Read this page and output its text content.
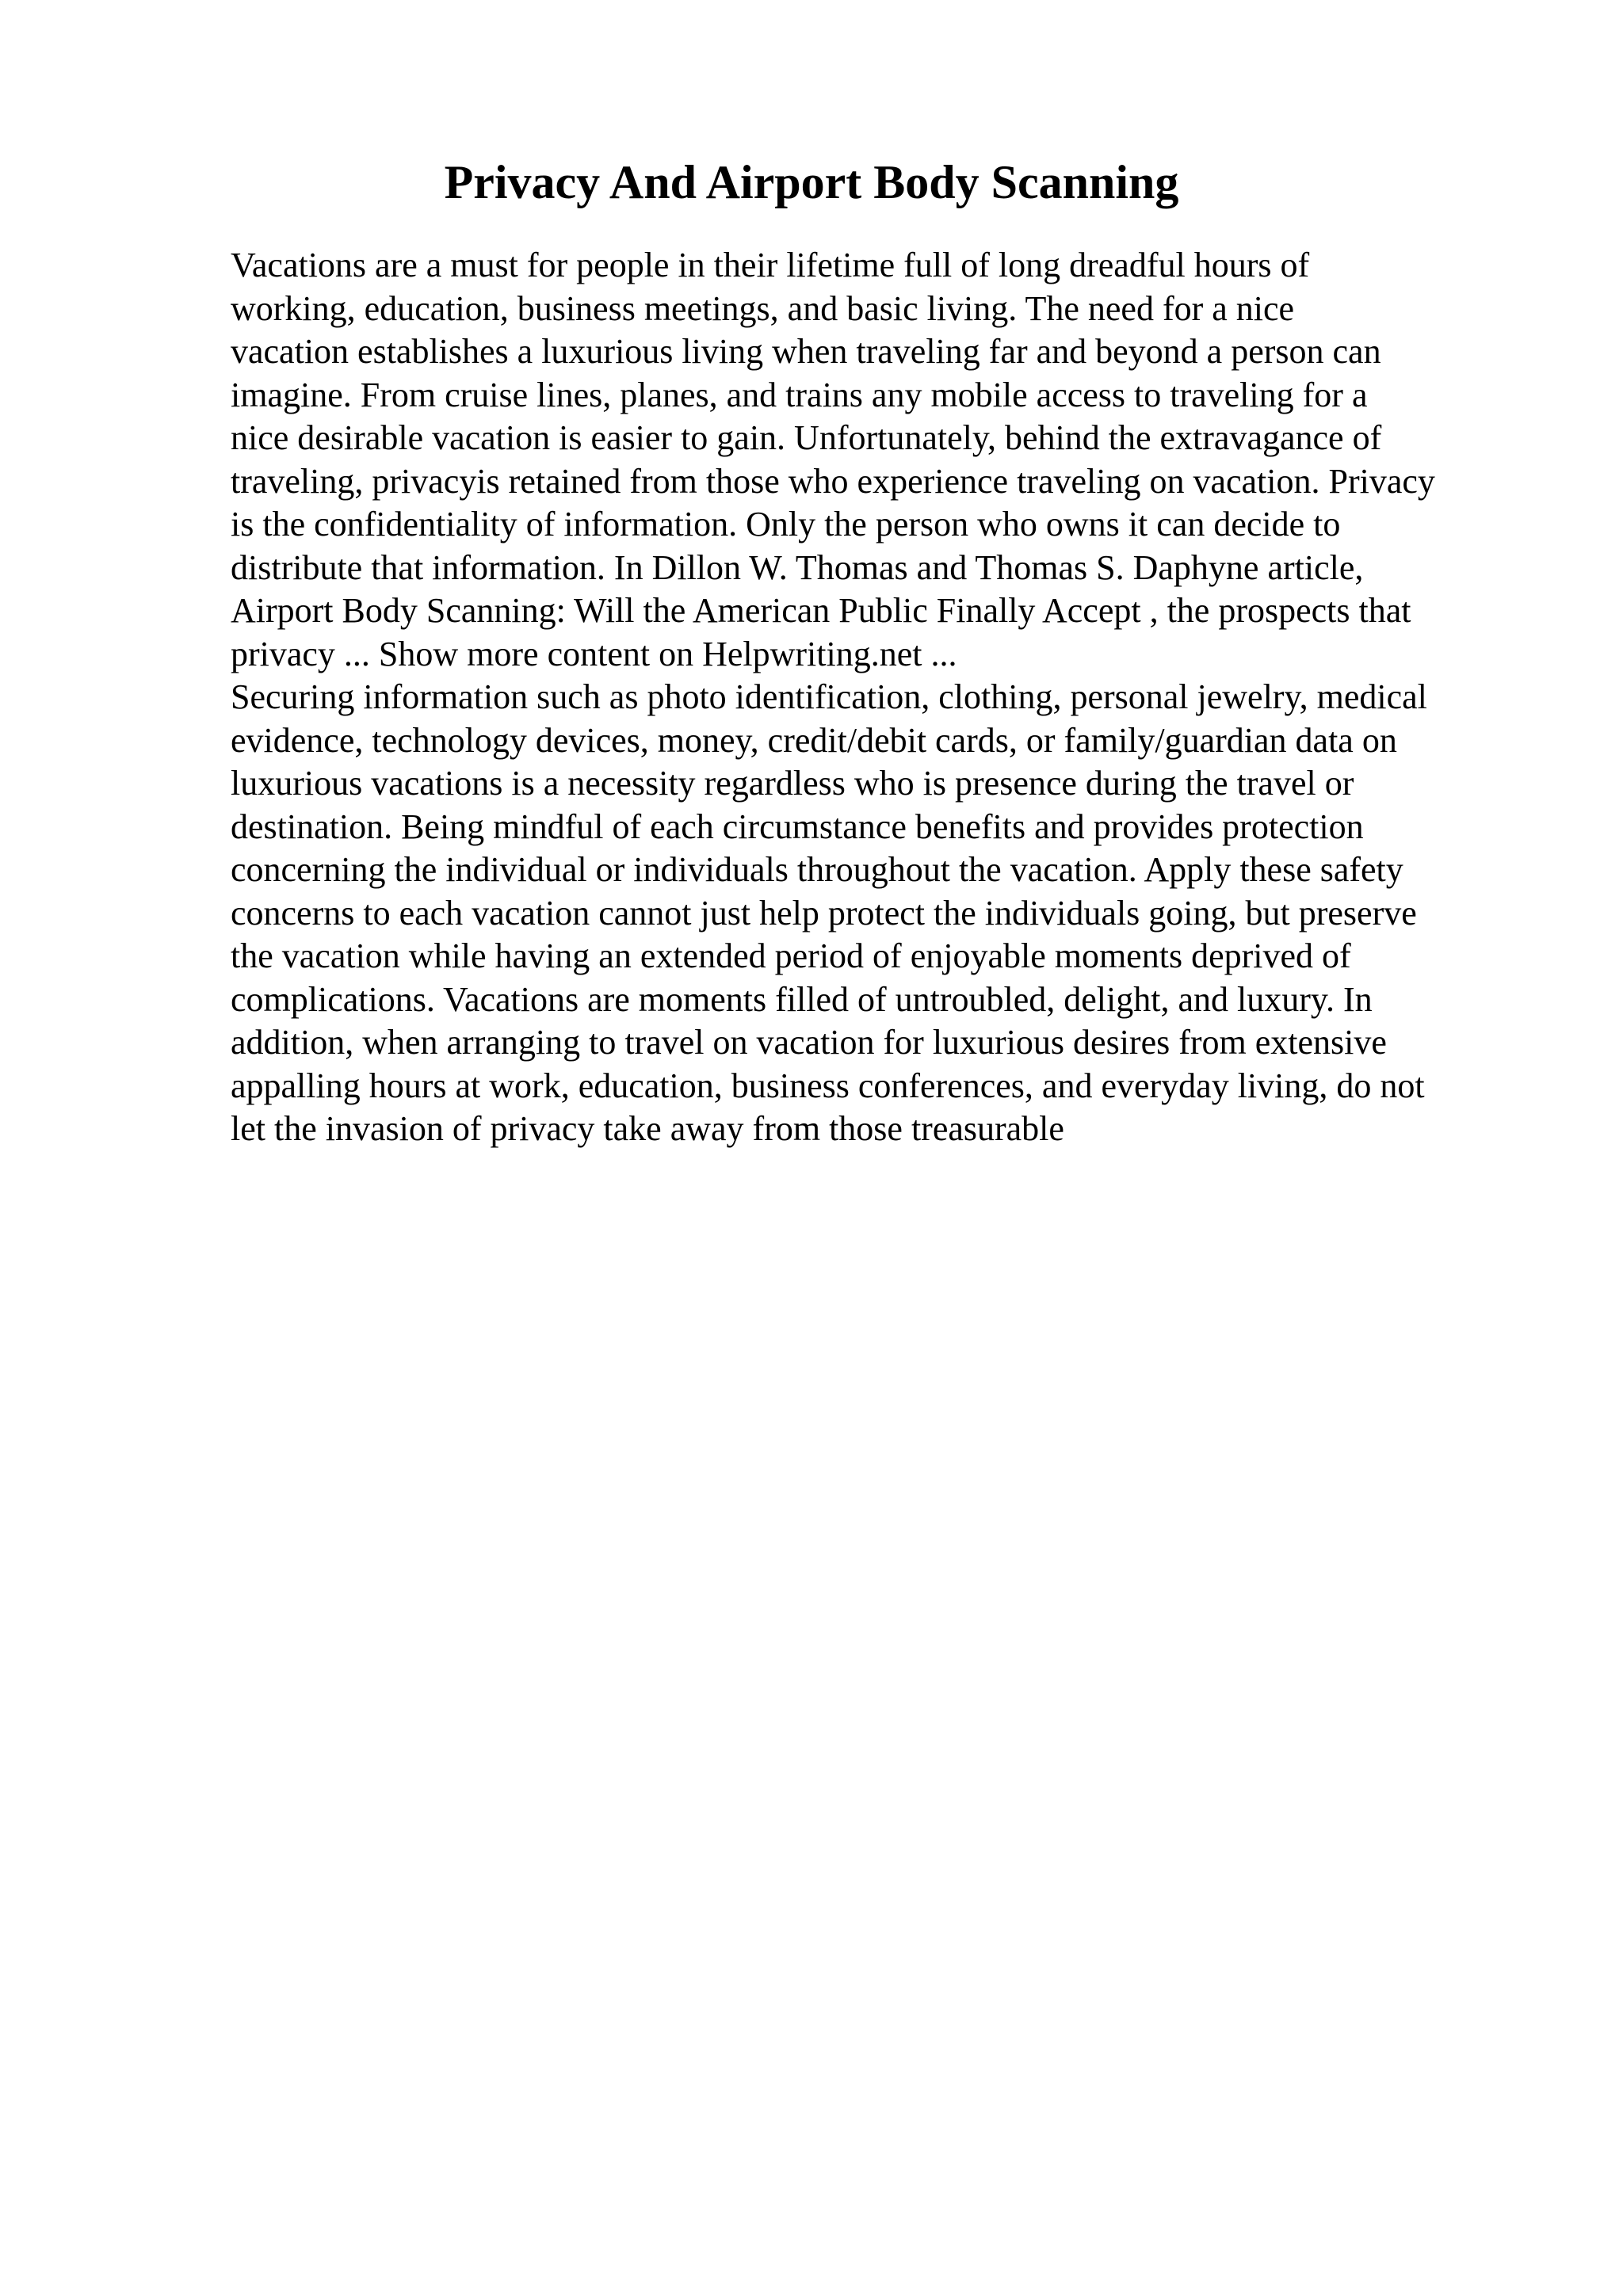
Privacy And Airport Body Scanning
Vacations are a must for people in their lifetime full of long dreadful hours of
working, education, business meetings, and basic living. The need for a nice
vacation establishes a luxurious living when traveling far and beyond a person can
imagine. From cruise lines, planes, and trains any mobile access to traveling for a
nice desirable vacation is easier to gain. Unfortunately, behind the extravagance of
traveling, privacyis retained from those who experience traveling on vacation. Privacy
is the confidentiality of information. Only the person who owns it can decide to
distribute that information. In Dillon W. Thomas and Thomas S. Daphyne article,
Airport Body Scanning: Will the American Public Finally Accept , the prospects that
privacy ... Show more content on Helpwriting.net ...
Securing information such as photo identification, clothing, personal jewelry, medical
evidence, technology devices, money, credit/debit cards, or family/guardian data on
luxurious vacations is a necessity regardless who is presence during the travel or
destination. Being mindful of each circumstance benefits and provides protection
concerning the individual or individuals throughout the vacation. Apply these safety
concerns to each vacation cannot just help protect the individuals going, but preserve
the vacation while having an extended period of enjoyable moments deprived of
complications. Vacations are moments filled of untroubled, delight, and luxury. In
addition, when arranging to travel on vacation for luxurious desires from extensive
appalling hours at work, education, business conferences, and everyday living, do not
let the invasion of privacy take away from those treasurable
